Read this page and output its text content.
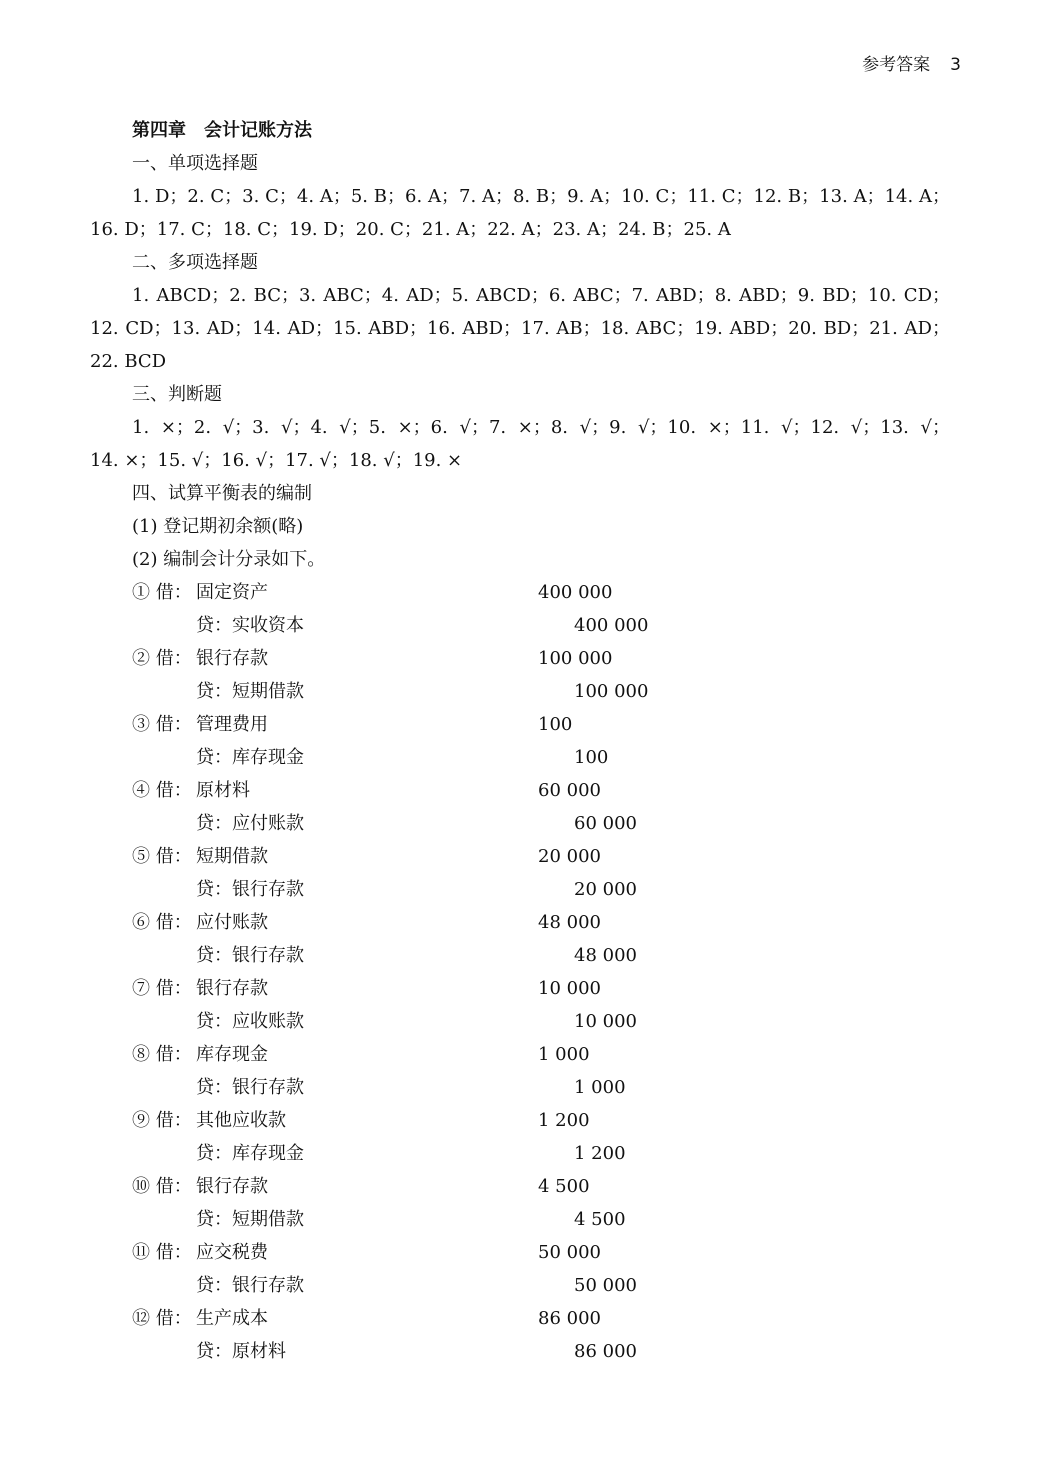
参考答案 3
第四章　会计记账方法
一、单项选择题
1. D；2. C；3. C；4. A；5. B；6. A；7. A；8. B；9. A；10. C；11. C；12. B；13. A；14. A；
16. D；17. C；18. C；19. D；20. C；21. A；22. A；23. A；24. B；25. A
二、多项选择题
1. ABCD；2. BC；3. ABC；4. AD；5. ABCD；6. ABC；7. ABD；8. ABD；9. BD；10. CD；
12. CD；13. AD；14. AD；15. ABD；16. ABD；17. AB；18. ABC；19. ABD；20. BD；21. AD；
22. BCD
三、判断题
1. ×；2. √；3. √；4. √；5. ×；6. √；7. ×；8. √；9. √；10. ×；11. √；12. √；13. √；
14. ×；15. √；16. √；17. √；18. √；19. ×
四、试算平衡表的编制
(1) 登记期初余额(略)
(2) 编制会计分录如下。
① 借： 固定资产	400 000
贷：实收资本	400 000
② 借： 银行存款	100 000
贷：短期借款	100 000
③ 借： 管理费用	100
贷：库存现金	100
④ 借： 原材料	60 000
贷：应付账款	60 000
⑤ 借： 短期借款	20 000
贷：银行存款	20 000
⑥ 借： 应付账款	48 000
贷：银行存款	48 000
⑦ 借： 银行存款	10 000
贷：应收账款	10 000
⑧ 借： 库存现金	1 000
贷：银行存款	1 000
⑨ 借： 其他应收款	1 200
贷：库存现金	1 200
⑩ 借： 银行存款	4 500
贷：短期借款	4 500
⑪ 借： 应交税费	50 000
贷：银行存款	50 000
⑫ 借： 生产成本	86 000
贷：原材料	86 000
